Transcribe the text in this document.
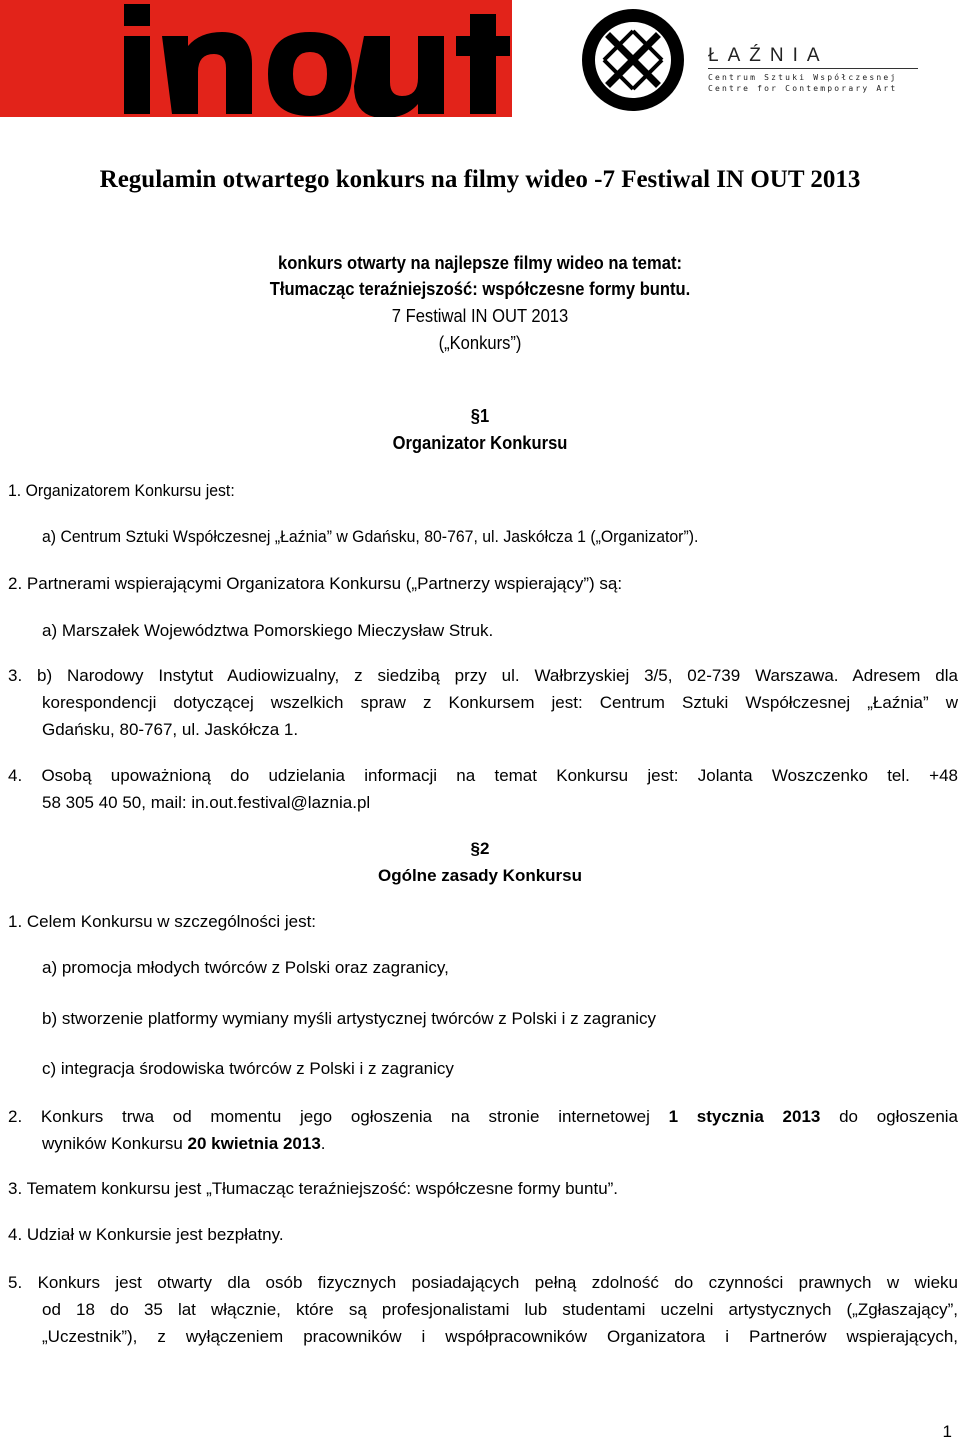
ŁAŹNIA
Centrum Sztuki Współczesnej
Centre for Contemporary Art
Regulamin otwartego konkurs na filmy wideo -7 Festiwal IN OUT 2013
konkurs otwarty na najlepsze filmy wideo na temat:
Tłumacząc teraźniejszość: współczesne formy buntu.
7 Festiwal IN OUT 2013
(„Konkurs”)
§1
Organizator Konkursu
1. Organizatorem Konkursu jest:
a) Centrum Sztuki Współczesnej „Łaźnia” w Gdańsku, 80-767, ul. Jaskółcza 1 („Organizator”).
2. Partnerami wspierającymi Organizatora Konkursu („Partnerzy wspierający”) są:
a) Marszałek Województwa Pomorskiego Mieczysław Struk.
3. b) Narodowy Instytut Audiowizualny, z siedzibą przy ul. Wałbrzyskiej 3/5, 02-739 Warszawa. Adresem dla
korespondencji dotyczącej wszelkich spraw z Konkursem jest: Centrum Sztuki Współczesnej „Łaźnia” w
Gdańsku, 80-767, ul. Jaskółcza 1.
4. Osobą upoważnioną do udzielania informacji na temat Konkursu jest: Jolanta Woszczenko tel. +48
58 305 40 50, mail: in.out.festival@laznia.pl
§2
Ogólne zasady Konkursu
1. Celem Konkursu w szczególności jest:
a) promocja młodych twórców z Polski oraz zagranicy,
b) stworzenie platformy wymiany myśli artystycznej twórców z Polski i z zagranicy
c) integracja środowiska twórców z Polski i z zagranicy
2. Konkurs trwa od momentu jego ogłoszenia na stronie internetowej 1 stycznia 2013 do ogłoszenia
wyników Konkursu 20 kwietnia 2013.
3. Tematem konkursu jest „Tłumacząc teraźniejszość: współczesne formy buntu”.
4. Udział w Konkursie jest bezpłatny.
5. Konkurs jest otwarty dla osób fizycznych posiadających pełną zdolność do czynności prawnych w wieku
od 18 do 35 lat włącznie, które są profesjonalistami lub studentami uczelni artystycznych („Zgłaszający”,
„Uczestnik”), z wyłączeniem pracowników i współpracowników Organizatora i Partnerów wspierających,
1
